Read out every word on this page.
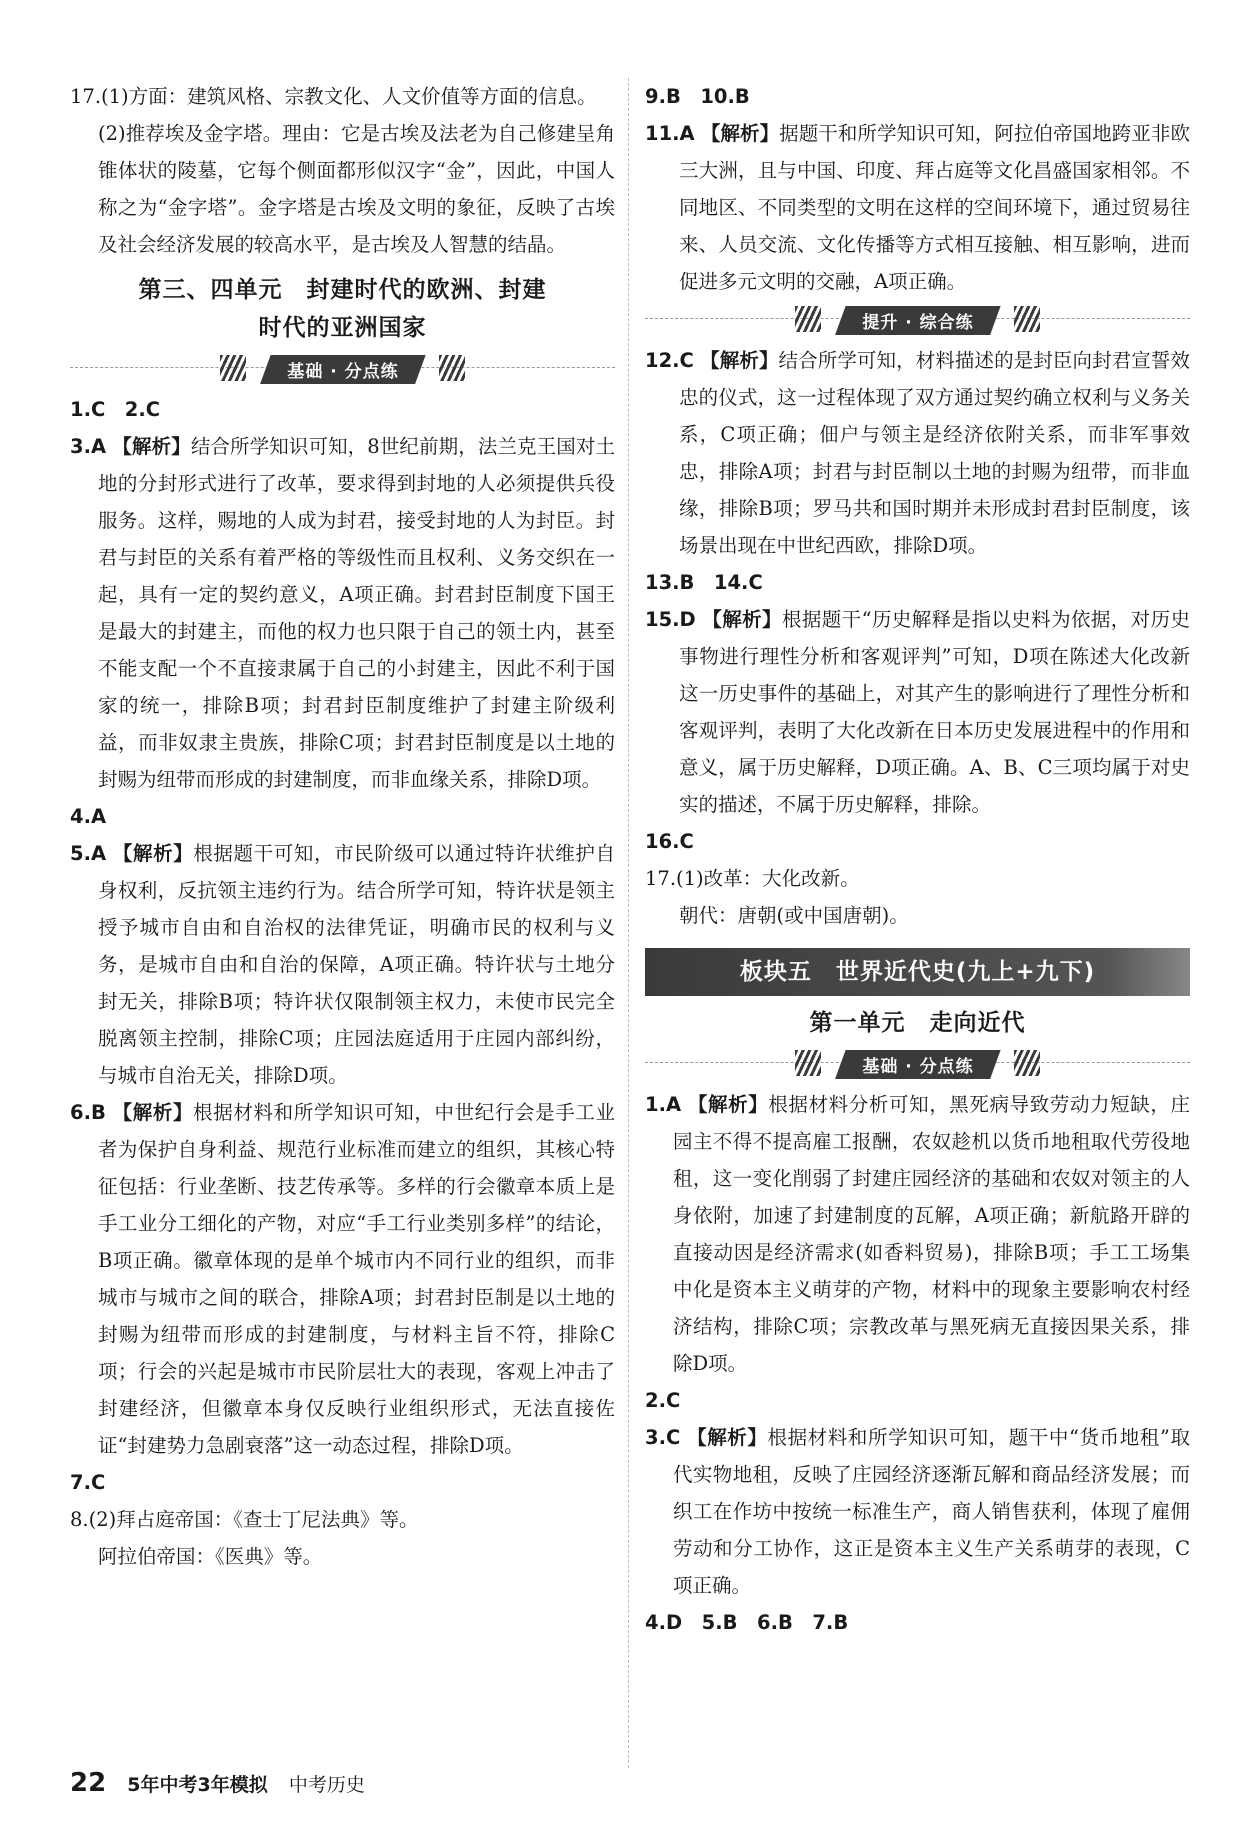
17.(1)方面：建筑风格、宗教文化、人文价值等方面的信息。

(2)推荐埃及金字塔。理由：它是古埃及法老为自己修建呈角锥体状的陵墓，它每个侧面都形似汉字“金”，因此，中国人称之为“金字塔”。金字塔是古埃及文明的象征，反映了古埃及社会经济发展的较高水平，是古埃及人智慧的结晶。

第三、四单元　封建时代的欧洲、封建
时代的亚洲国家
基础 · 分点练

1.C　2.C

3.A 【解析】结合所学知识可知，8世纪前期，法兰克王国对土地的分封形式进行了改革，要求得到封地的人必须提供兵役服务。这样，赐地的人成为封君，接受封地的人为封臣。封君与封臣的关系有着严格的等级性而且权利、义务交织在一起，具有一定的契约意义，A项正确。封君封臣制度下国王是最大的封建主，而他的权力也只限于自己的领土内，甚至不能支配一个不直接隶属于自己的小封建主，因此不利于国家的统一，排除B项；封君封臣制度维护了封建主阶级利益，而非奴隶主贵族，排除C项；封君封臣制度是以土地的封赐为纽带而形成的封建制度，而非血缘关系，排除D项。

4.A

5.A 【解析】根据题干可知，市民阶级可以通过特许状维护自身权利，反抗领主违约行为。结合所学可知，特许状是领主授予城市自由和自治权的法律凭证，明确市民的权利与义务，是城市自由和自治的保障，A项正确。特许状与土地分封无关，排除B项；特许状仅限制领主权力，未使市民完全脱离领主控制，排除C项；庄园法庭适用于庄园内部纠纷，与城市自治无关，排除D项。

6.B 【解析】根据材料和所学知识可知，中世纪行会是手工业者为保护自身利益、规范行业标准而建立的组织，其核心特征包括：行业垄断、技艺传承等。多样的行会徽章本质上是手工业分工细化的产物，对应“手工行业类别多样”的结论，B项正确。徽章体现的是单个城市内不同行业的组织，而非城市与城市之间的联合，排除A项；封君封臣制是以土地的封赐为纽带而形成的封建制度，与材料主旨不符，排除C项；行会的兴起是城市市民阶层壮大的表现，客观上冲击了封建经济，但徽章本身仅反映行业组织形式，无法直接佐证“封建势力急剧衰落”这一动态过程，排除D项。

7.C

8.(2)拜占庭帝国：《查士丁尼法典》等。

阿拉伯帝国：《医典》等。

9.B　10.B

11.A 【解析】据题干和所学知识可知，阿拉伯帝国地跨亚非欧三大洲，且与中国、印度、拜占庭等文化昌盛国家相邻。不同地区、不同类型的文明在这样的空间环境下，通过贸易往来、人员交流、文化传播等方式相互接触、相互影响，进而促进多元文明的交融，A项正确。

提升 · 综合练

12.C 【解析】结合所学可知，材料描述的是封臣向封君宣誓效忠的仪式，这一过程体现了双方通过契约确立权利与义务关系，C项正确；佃户与领主是经济依附关系，而非军事效忠，排除A项；封君与封臣制以土地的封赐为纽带，而非血缘，排除B项；罗马共和国时期并未形成封君封臣制度，该场景出现在中世纪西欧，排除D项。

13.B　14.C

15.D 【解析】根据题干“历史解释是指以史料为依据，对历史事物进行理性分析和客观评判”可知，D项在陈述大化改新这一历史事件的基础上，对其产生的影响进行了理性分析和客观评判，表明了大化改新在日本历史发展进程中的作用和意义，属于历史解释，D项正确。A、B、C三项均属于对史实的描述，不属于历史解释，排除。

16.C

17.(1)改革：大化改新。

朝代：唐朝(或中国唐朝)。

板块五　世界近代史(九上+九下)
第一单元　走向近代
基础 · 分点练

1.A 【解析】根据材料分析可知，黑死病导致劳动力短缺，庄园主不得不提高雇工报酬，农奴趁机以货币地租取代劳役地租，这一变化削弱了封建庄园经济的基础和农奴对领主的人身依附，加速了封建制度的瓦解，A项正确；新航路开辟的直接动因是经济需求(如香料贸易)，排除B项；手工工场集中化是资本主义萌芽的产物，材料中的现象主要影响农村经济结构，排除C项；宗教改革与黑死病无直接因果关系，排除D项。

2.C

3.C 【解析】根据材料和所学知识可知，题干中“货币地租”取代实物地租，反映了庄园经济逐渐瓦解和商品经济发展；而织工在作坊中按统一标准生产，商人销售获利，体现了雇佣劳动和分工协作，这正是资本主义生产关系萌芽的表现，C项正确。

4.D　5.B　6.B　7.B

22 5年中考3年模拟 中考历史
